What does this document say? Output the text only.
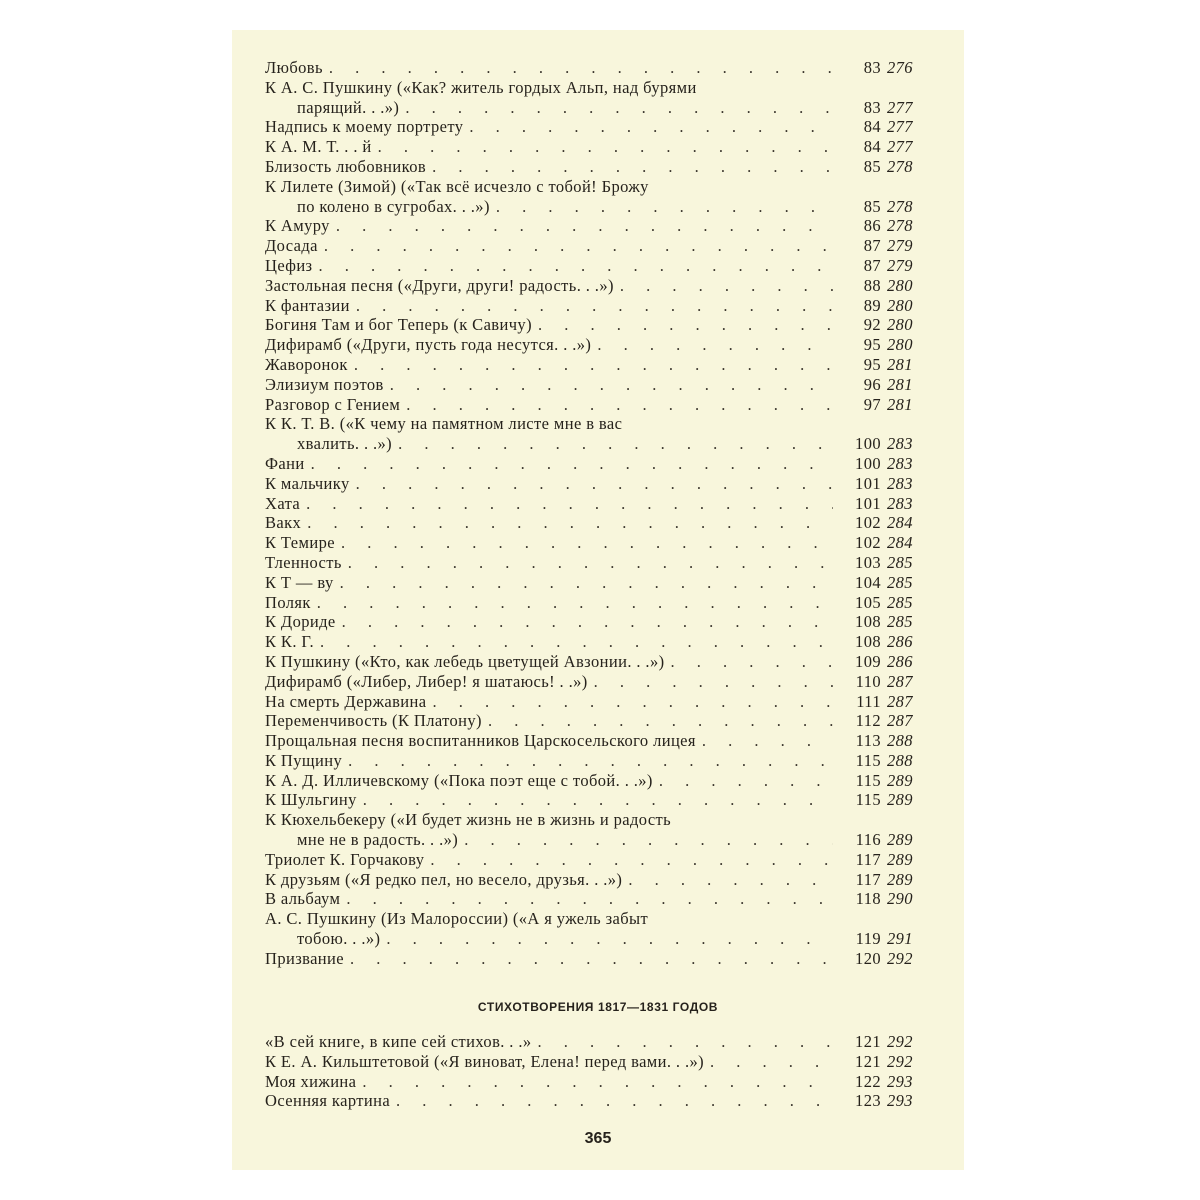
Любовь . . .	83 276
К А. С. Пушкину («Как? житель гордых Альп, над бурями
парящий. . .») . . .	83 277
Надпись к моему портрету . . .	84 277
К А. М. Т. . . й . . .	84 277
Близость любовников . . .	85 278
К Лилете (Зимой) («Так всё исчезло с тобой! Брожу
по колено в сугробах. . .») . . .	85 278
К Амуру . . .	86 278
Досада . . .	87 279
Цефиз . . .	87 279
Застольная песня («Други, други! радость. . .») . . .	88 280
К фантазии . . .	89 280
Богиня Там и бог Теперь (к Савичу) . . .	92 280
Дифирамб («Други, пусть года несутся. . .») . . .	95 280
Жаворонок . . .	95 281
Элизиум поэтов . . .	96 281
Разговор с Гением . . .	97 281
К К. Т. В. («К чему на памятном листе мне в вас
хвалить. . .») . . .	100 283
Фани . . .	100 283
К мальчику . . .	101 283
Хата . . .	101 283
Вакх . . .	102 284
К Темире . . .	102 284
Тленность . . .	103 285
К Т — ву . . .	104 285
Поляк . . .	105 285
К Дориде . . .	108 285
К К. Г. . . .	108 286
К Пушкину («Кто, как лебедь цветущей Авзонии. . .») . . .	109 286
Дифирамб («Либер, Либер! я шатаюсь! . .») . . .	110 287
На смерть Державина . . .	111 287
Переменчивость (К Платону) . . .	112 287
Прощальная песня воспитанников Царскосельского лицея . . .	113 288
К Пущину . . .	115 288
К А. Д. Илличевскому («Пока поэт еще с тобой. . .») . . .	115 289
К Шульгину . . .	115 289
К Кюхельбекеру («И будет жизнь не в жизнь и радость
мне не в радость. . .») . . .	116 289
Триолет К. Горчакову . . .	117 289
К друзьям («Я редко пел, но весело, друзья. . .») . . .	117 289
В альбаум . . .	118 290
А. С. Пушкину (Из Малороссии) («А я ужель забыт
тобою. . .») . . .	119 291
Призвание . . .	120 292
СТИХОТВОРЕНИЯ 1817—1831 ГОДОВ
«В сей книге, в кипе сей стихов. . .» . . .	121 292
К Е. А. Кильштетовой («Я виноват, Елена! перед вами. . .») . . .	121 292
Моя хижина . . .	122 293
Осенняя картина . . .	123 293
365
